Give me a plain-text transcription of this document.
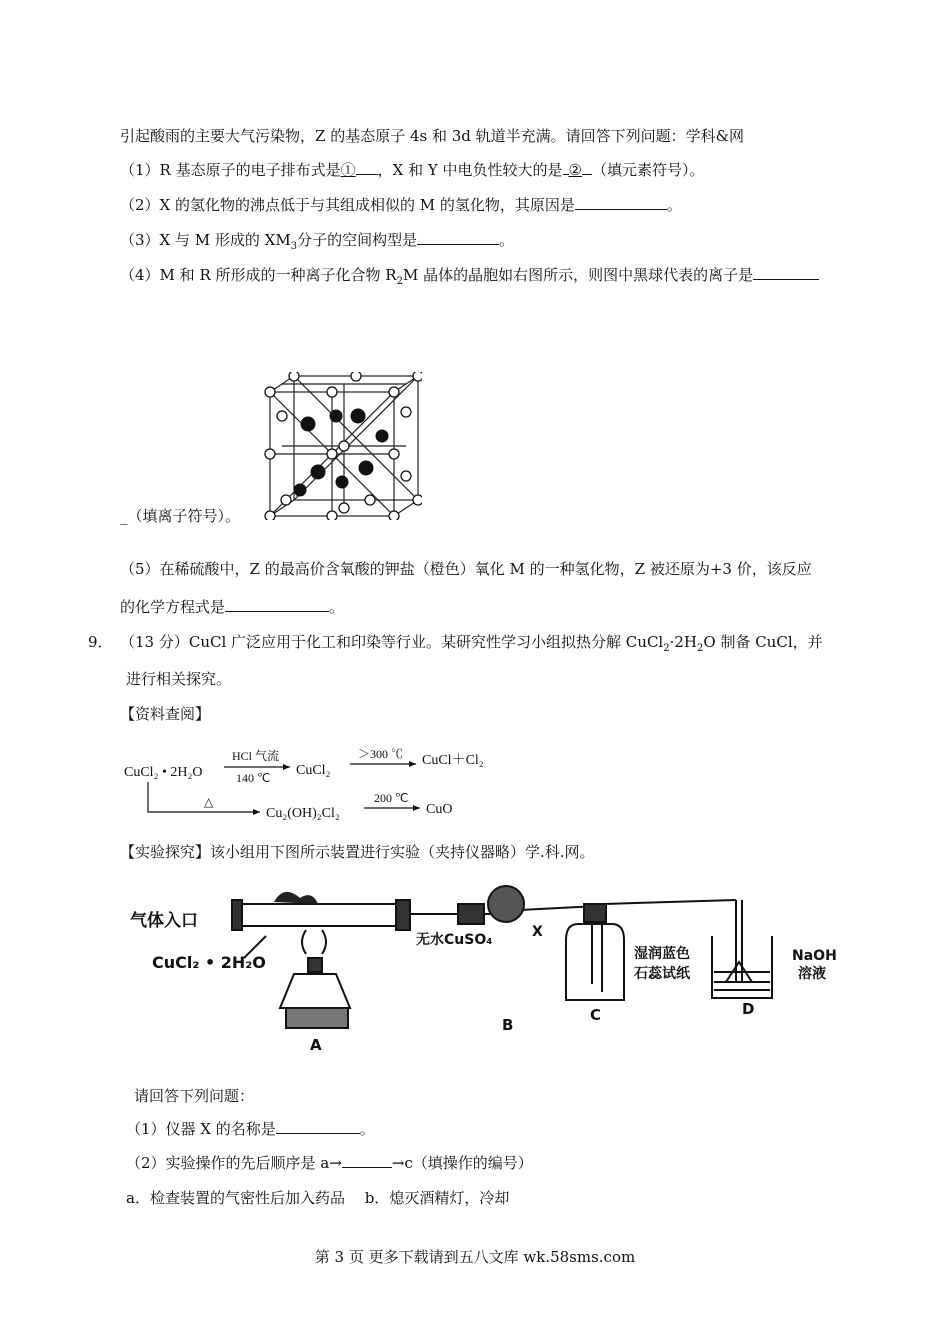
引起酸雨的主要大气污染物，Z 的基态原子 4s 和 3d 轨道半充满。请回答下列问题：学科&网
（1）R 基态原子的电子排布式是① ，X 和 Y 中电负性较大的是 ② （填元素符号）。
（2）X 的氢化物的沸点低于与其组成相似的 M 的氢化物，其原因是	。
（3）X 与 M 形成的 $XM_3$分子的空间构型是	。
（4）M 和 R 所形成的一种离子化合物 $R_2M$ 晶体的晶胞如右图所示，则图中黑球代表的离子是
_（填离子符号）。
（5）在稀硫酸中，Z 的最高价含氧酸的钾盐（橙色）氧化 M 的一种氢化物，Z 被还原为+3 价，该反应
的化学方程式是	。
9． （13 分）CuCl 广泛应用于化工和印染等行业。某研究性学习小组拟热分解 $CuCl_2\cdot 2H_2O$ 制备 CuCl，并
进行相关探究。
【资料查阅】
CuCl₂ • 2H₂O
HCl 气流
140 ℃ CuCl₂
＞300 ℃ CuCl＋Cl₂
△
Cu₂(OH)₂Cl₂
200 ℃
CuO
【实验探究】该小组用下图所示装置进行实验（夹持仪器略）学.科.网。
气体入口
CuCl₂ • 2H₂O
A
无水CuSO₄	X
B
湿润蓝色
石蕊试纸
C
NaOH
溶液
D
请回答下列问题：
（1）仪器 X 的名称是	。
（2）实验操作的先后顺序是 a→	→c（填操作的编号）
a．检查装置的气密性后加入药品　 b．熄灭酒精灯，冷却
第 3 页 更多下载请到五八文库 wk.58sms.com
